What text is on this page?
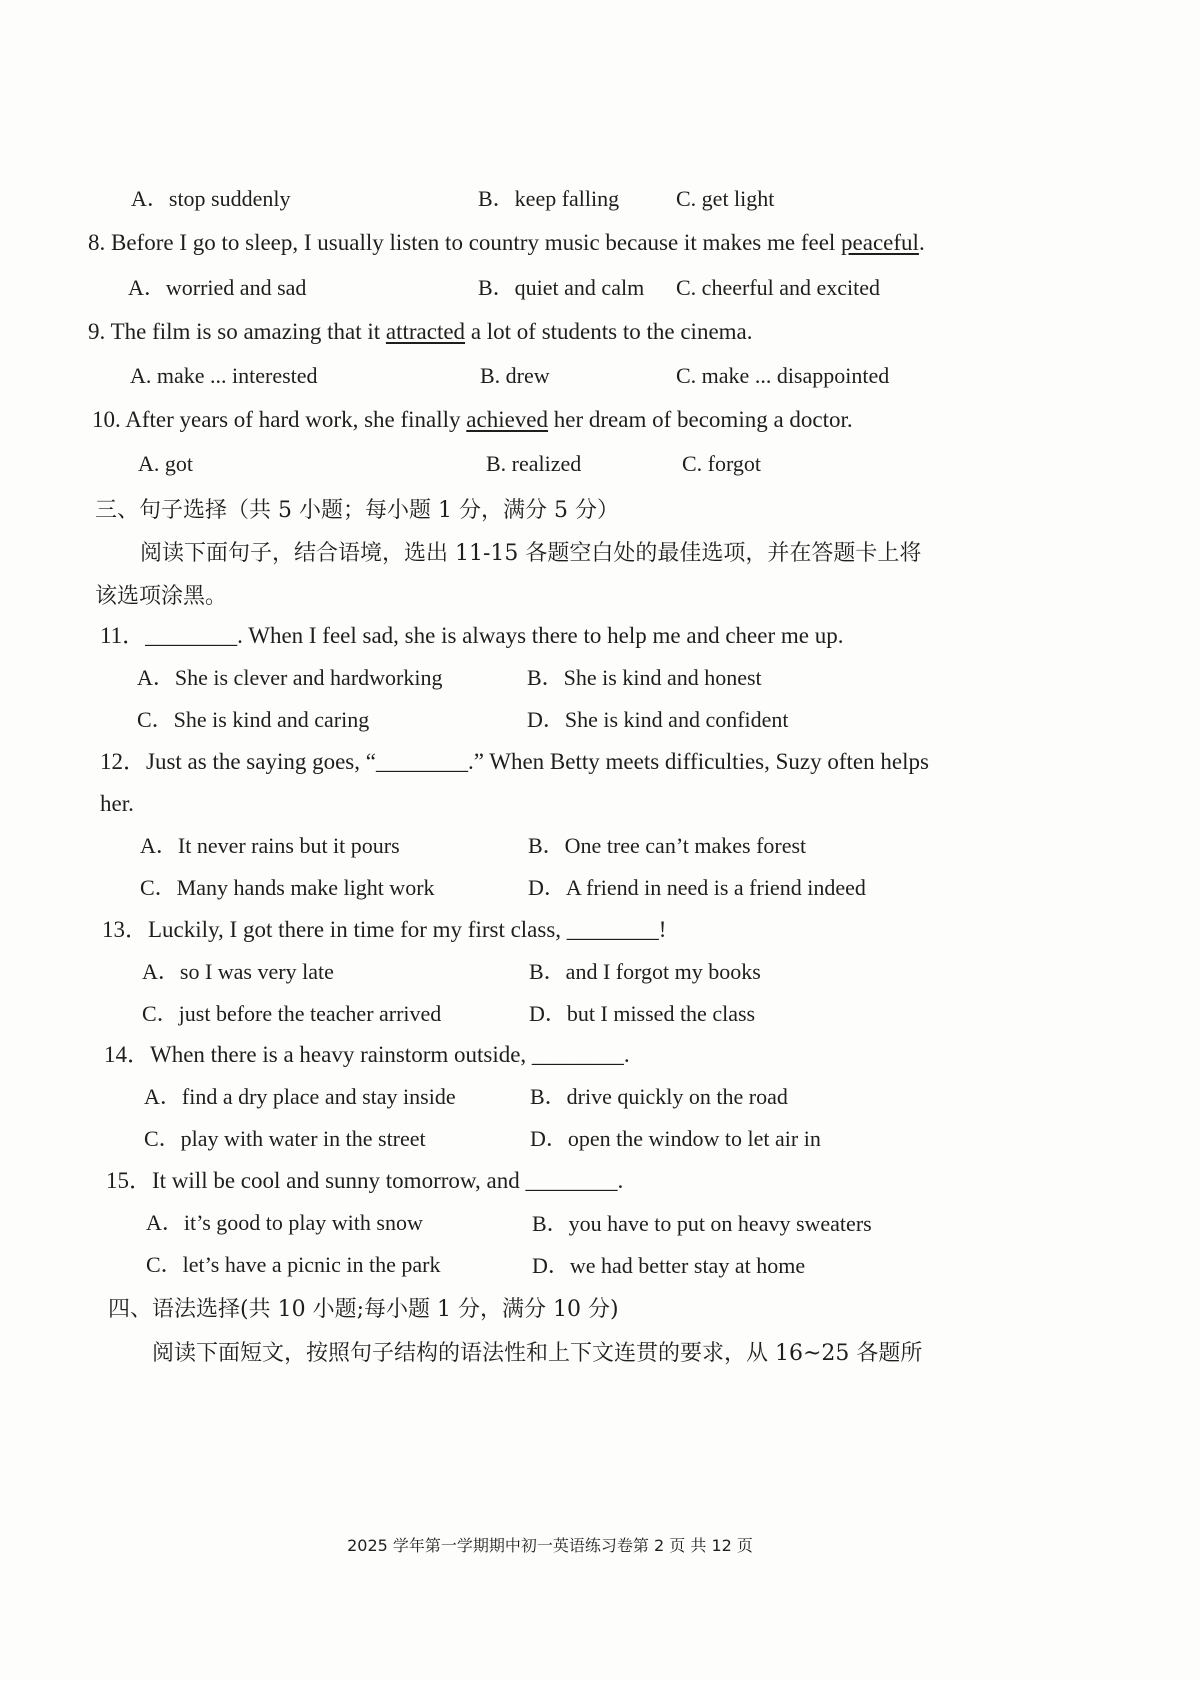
A．stop suddenly	B．keep falling	C. get light
8. Before I go to sleep, I usually listen to country music because it makes me feel peaceful.
A．worried and sad	B．quiet and calm C. cheerful and excited
9. The film is so amazing that it attracted a lot of students to the cinema.
A. make ... interested	B. drew	C. make ... disappointed
10. After years of hard work, she finally achieved her dream of becoming a doctor.
A. got	B. realized	C. forgot
三、句子选择（共 5 小题；每小题 1 分，满分 5 分）
阅读下面句子，结合语境，选出 11-15 各题空白处的最佳选项，并在答题卡上将
该选项涂黑。
11．________. When I feel sad, she is always there to help me and cheer me up.
A．She is clever and hardworking	B．She is kind and honest
C．She is kind and caring	D．She is kind and confident
12．Just as the saying goes, “________.” When Betty meets difficulties, Suzy often helps
her.
A．It never rains but it pours	B．One tree can’t makes forest
C．Many hands make light work	D．A friend in need is a friend indeed
13．Luckily, I got there in time for my first class, ________!
A．so I was very late	B．and I forgot my books
C．just before the teacher arrived	D．but I missed the class
14．When there is a heavy rainstorm outside, ________.
A．find a dry place and stay inside	B．drive quickly on the road
C．play with water in the street	D．open the window to let air in
15．It will be cool and sunny tomorrow, and ________.
A．it’s good to play with snow	B．you have to put on heavy sweaters
C．let’s have a picnic in the park	D．we had better stay at home
四、语法选择(共 10 小题;每小题 1 分，满分 10 分)
阅读下面短文，按照句子结构的语法性和上下文连贯的要求，从 16~25 各题所
2025 学年第一学期期中初一英语练习卷第 2 页 共 12 页
